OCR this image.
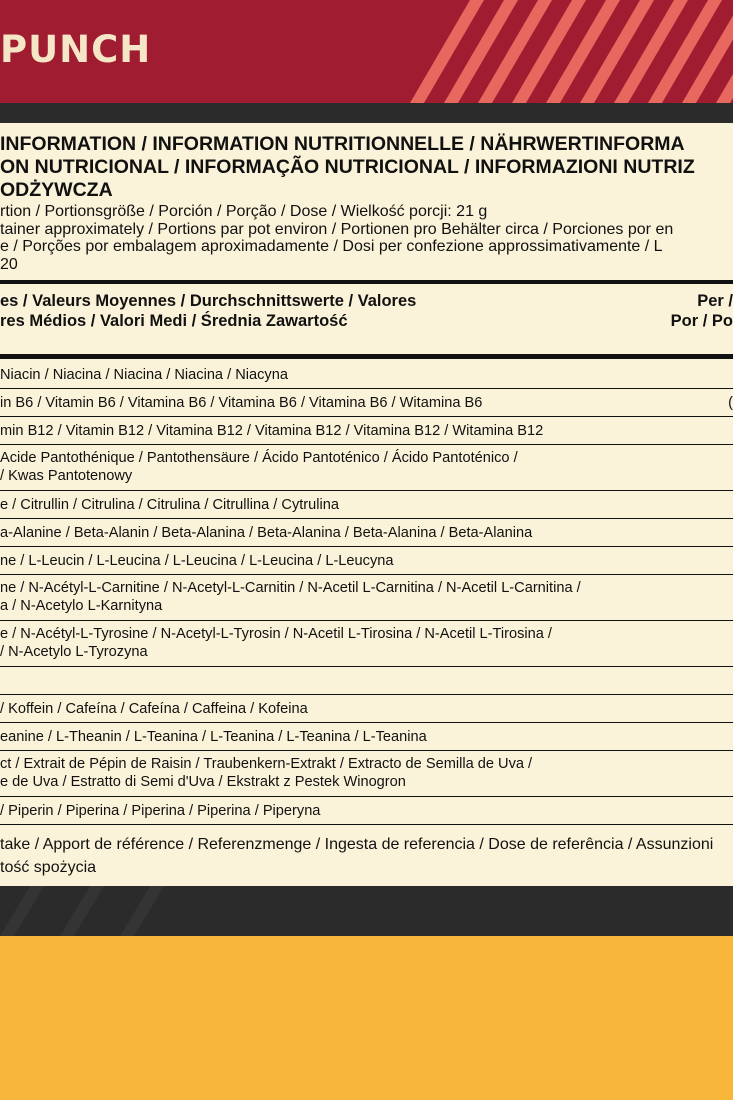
PUNCH
INFORMATION / INFORMATION NUTRITIONNELLE / NÄHRWERTINFORMA
ON NUTRICIONAL / INFORMAÇÃO NUTRICIONAL / INFORMAZIONI NUTRIZ
ODŻYWCZA
rtion / Portionsgröße / Porción / Porção / Dose / Wielkość porcji: 21 g
tainer approximately / Portions par pot environ / Portionen pro Behälter circa / Porciones por en
e / Porções por embalagem aproximadamente / Dosi per confezione approssimativamente / L
20
es / Valeurs Moyennes / Durchschnittswerte / Valores
res Médios / Valori Medi / Średnia Zawartość
Per /
Por / Po
Niacin / Niacina / Niacina / Niacina / Niacyna
in B6 / Vitamin B6 / Vitamina B6 / Vitamina B6 / Vitamina B6 / Witamina B6	(
min B12 / Vitamin B12 / Vitamina B12 / Vitamina B12 / Vitamina B12 / Witamina B12
Acide Pantothénique / Pantothensäure / Ácido Pantoténico / Ácido Pantoténico /
/ Kwas Pantotenowy
e / Citrullin / Citrulina / Citrulina / Citrullina / Cytrulina
a-Alanine / Beta-Alanin / Beta-Alanina / Beta-Alanina / Beta-Alanina / Beta-Alanina
ne / L-Leucin / L-Leucina / L-Leucina / L-Leucina / L-Leucyna
ne / N-Acétyl-L-Carnitine / N-Acetyl-L-Carnitin / N-Acetil L-Carnitina / N-Acetil L-Carnitina /
a / N-Acetylo L-Karnityna
e / N-Acétyl-L-Tyrosine / N-Acetyl-L-Tyrosin / N-Acetil L-Tirosina / N-Acetil L-Tirosina /
/ N-Acetylo L-Tyrozyna
/ Koffein / Cafeína / Cafeína / Caffeina / Kofeina
eanine / L-Theanin / L-Teanina / L-Teanina / L-Teanina / L-Teanina
ct / Extrait de Pépin de Raisin / Traubenkern-Extrakt / Extracto de Semilla de Uva /
e de Uva / Estratto di Semi d'Uva / Ekstrakt z Pestek Winogron
/ Piperin / Piperina / Piperina / Piperina / Piperyna
take / Apport de référence / Referenzmenge / Ingesta de referencia / Dose de referência / Assunzioni
tość spożycia
